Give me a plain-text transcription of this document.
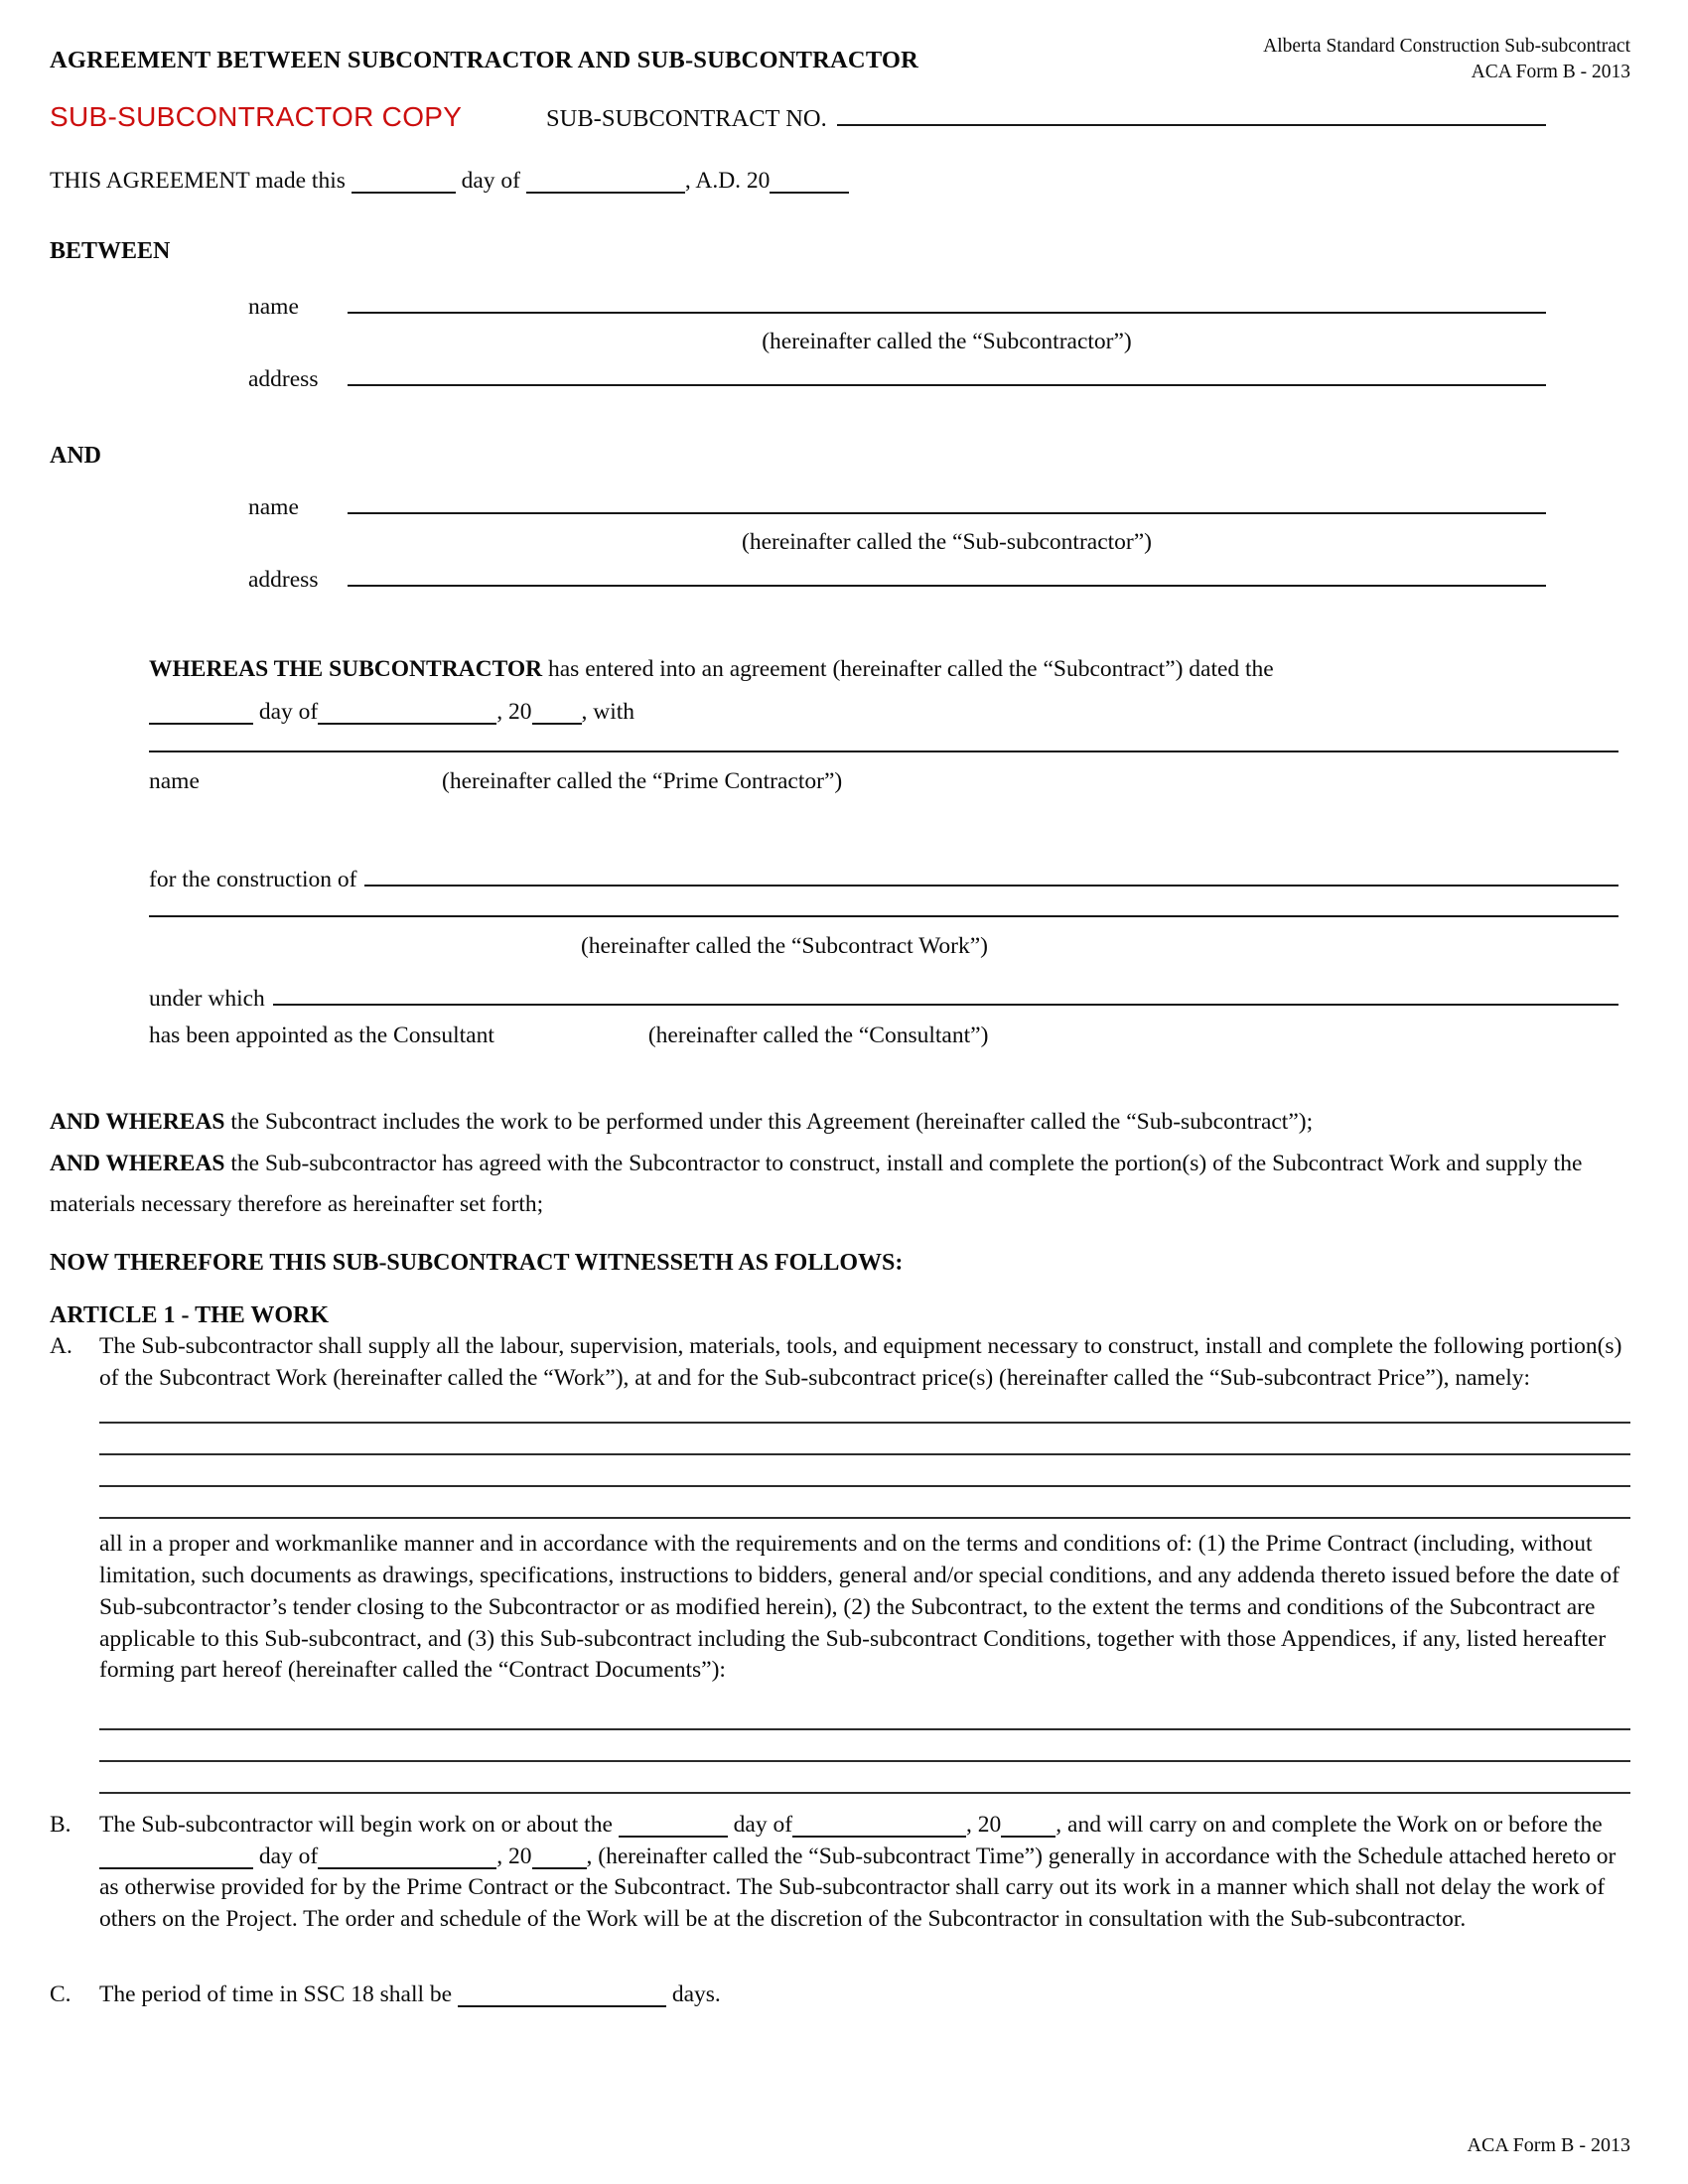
AGREEMENT BETWEEN SUBCONTRACTOR AND SUB-SUBCONTRACTOR
Alberta Standard Construction Sub-subcontract
ACA Form B - 2013
SUB-SUBCONTRACTOR COPY	SUB-SUBCONTRACT NO.
THIS AGREEMENT made this	day of	, A.D. 20
BETWEEN
name
(hereinafter called the “Subcontractor”)
address
AND
name
(hereinafter called the “Sub-subcontractor”)
address
WHEREAS THE SUBCONTRACTOR has entered into an agreement (hereinafter called the “Subcontract”) dated the
day of	, 20 , with
name	(hereinafter called the “Prime Contractor”)
for the construction of
(hereinafter called the “Subcontract Work”)
under which
has been appointed as the Consultant	(hereinafter called the “Consultant”)
AND WHEREAS the Subcontract includes the work to be performed under this Agreement (hereinafter called the “Sub-subcontract”);
AND WHEREAS the Sub-subcontractor has agreed with the Subcontractor to construct, install and complete the portion(s) of the Subcontract Work and supply the materials necessary therefore as hereinafter set forth;
NOW THEREFORE THIS SUB-SUBCONTRACT WITNESSETH AS FOLLOWS:
ARTICLE 1 - THE WORK
A.	The Sub-subcontractor shall supply all the labour, supervision, materials, tools, and equipment necessary to construct, install and complete the following portion(s) of the Subcontract Work (hereinafter called the “Work”), at and for the Sub-subcontract price(s) (hereinafter called the “Sub-subcontract Price”), namely:
all in a proper and workmanlike manner and in accordance with the requirements and on the terms and conditions of: (1) the Prime Contract (including, without limitation, such documents as drawings, specifications, instructions to bidders, general and/or special conditions, and any addenda thereto issued before the date of Sub-subcontractor’s tender closing to the Subcontractor or as modified herein), (2) the Subcontract, to the extent the terms and conditions of the Subcontract are applicable to this Sub-subcontract, and (3) this Sub-subcontract including the Sub-subcontract Conditions, together with those Appendices, if any, listed hereafter forming part hereof (hereinafter called the “Contract Documents”):
B.	The Sub-subcontractor will begin work on or about the	day of	, 20 , and will carry on and complete the Work on or before the  day of	, 20 , (hereinafter called the “Sub-subcontract Time”) generally in accordance with the Schedule attached hereto or as otherwise provided for by the Prime Contract or the Subcontract. The Sub-subcontractor shall carry out its work in a manner which shall not delay the work of others on the Project. The order and schedule of the Work will be at the discretion of the Subcontractor in consultation with the Sub-subcontractor.
C.	The period of time in SSC 18 shall be	days.
ACA Form B - 2013
